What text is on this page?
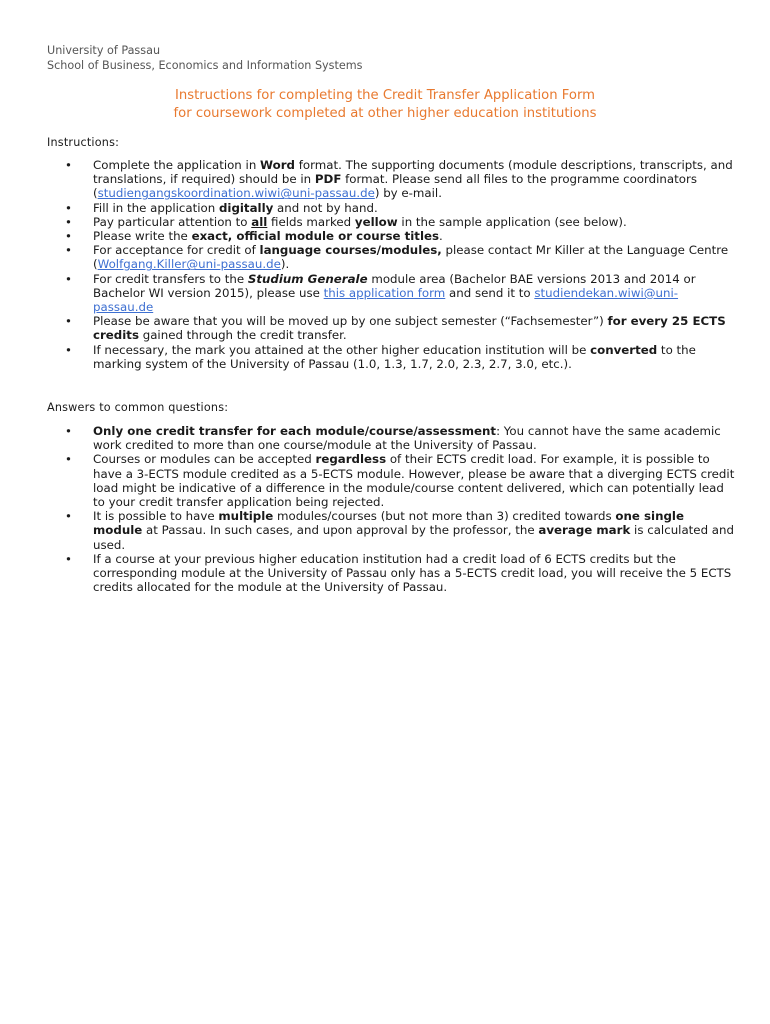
University of Passau
School of Business, Economics and Information Systems
Instructions for completing the Credit Transfer Application Form
for coursework completed at other higher education institutions
Instructions:
• Complete the application in Word format. The supporting documents (module descriptions, transcripts, and translations, if required) should be in PDF format. Please send all files to the programme coordinators (studiengangskoordination.wiwi@uni-passau.de) by e-mail.
• Fill in the application digitally and not by hand.
• Pay particular attention to all fields marked yellow in the sample application (see below).
• Please write the exact, official module or course titles.
• For acceptance for credit of language courses/modules, please contact Mr Killer at the Language Centre (Wolfgang.Killer@uni-passau.de).
• For credit transfers to the Studium Generale module area (Bachelor BAE versions 2013 and 2014 or Bachelor WI version 2015), please use this application form and send it to studiendekan.wiwi@uni-passau.de
• Please be aware that you will be moved up by one subject semester (“Fachsemester”) for every 25 ECTS credits gained through the credit transfer.
• If necessary, the mark you attained at the other higher education institution will be converted to the marking system of the University of Passau (1.0, 1.3, 1.7, 2.0, 2.3, 2.7, 3.0, etc.).
Answers to common questions:
• Only one credit transfer for each module/course/assessment: You cannot have the same academic work credited to more than one course/module at the University of Passau.
• Courses or modules can be accepted regardless of their ECTS credit load. For example, it is possible to have a 3-ECTS module credited as a 5-ECTS module. However, please be aware that a diverging ECTS credit load might be indicative of a difference in the module/course content delivered, which can potentially lead to your credit transfer application being rejected.
• It is possible to have multiple modules/courses (but not more than 3) credited towards one single module at Passau. In such cases, and upon approval by the professor, the average mark is calculated and used.
• If a course at your previous higher education institution had a credit load of 6 ECTS credits but the corresponding module at the University of Passau only has a 5-ECTS credit load, you will receive the 5 ECTS credits allocated for the module at the University of Passau.
